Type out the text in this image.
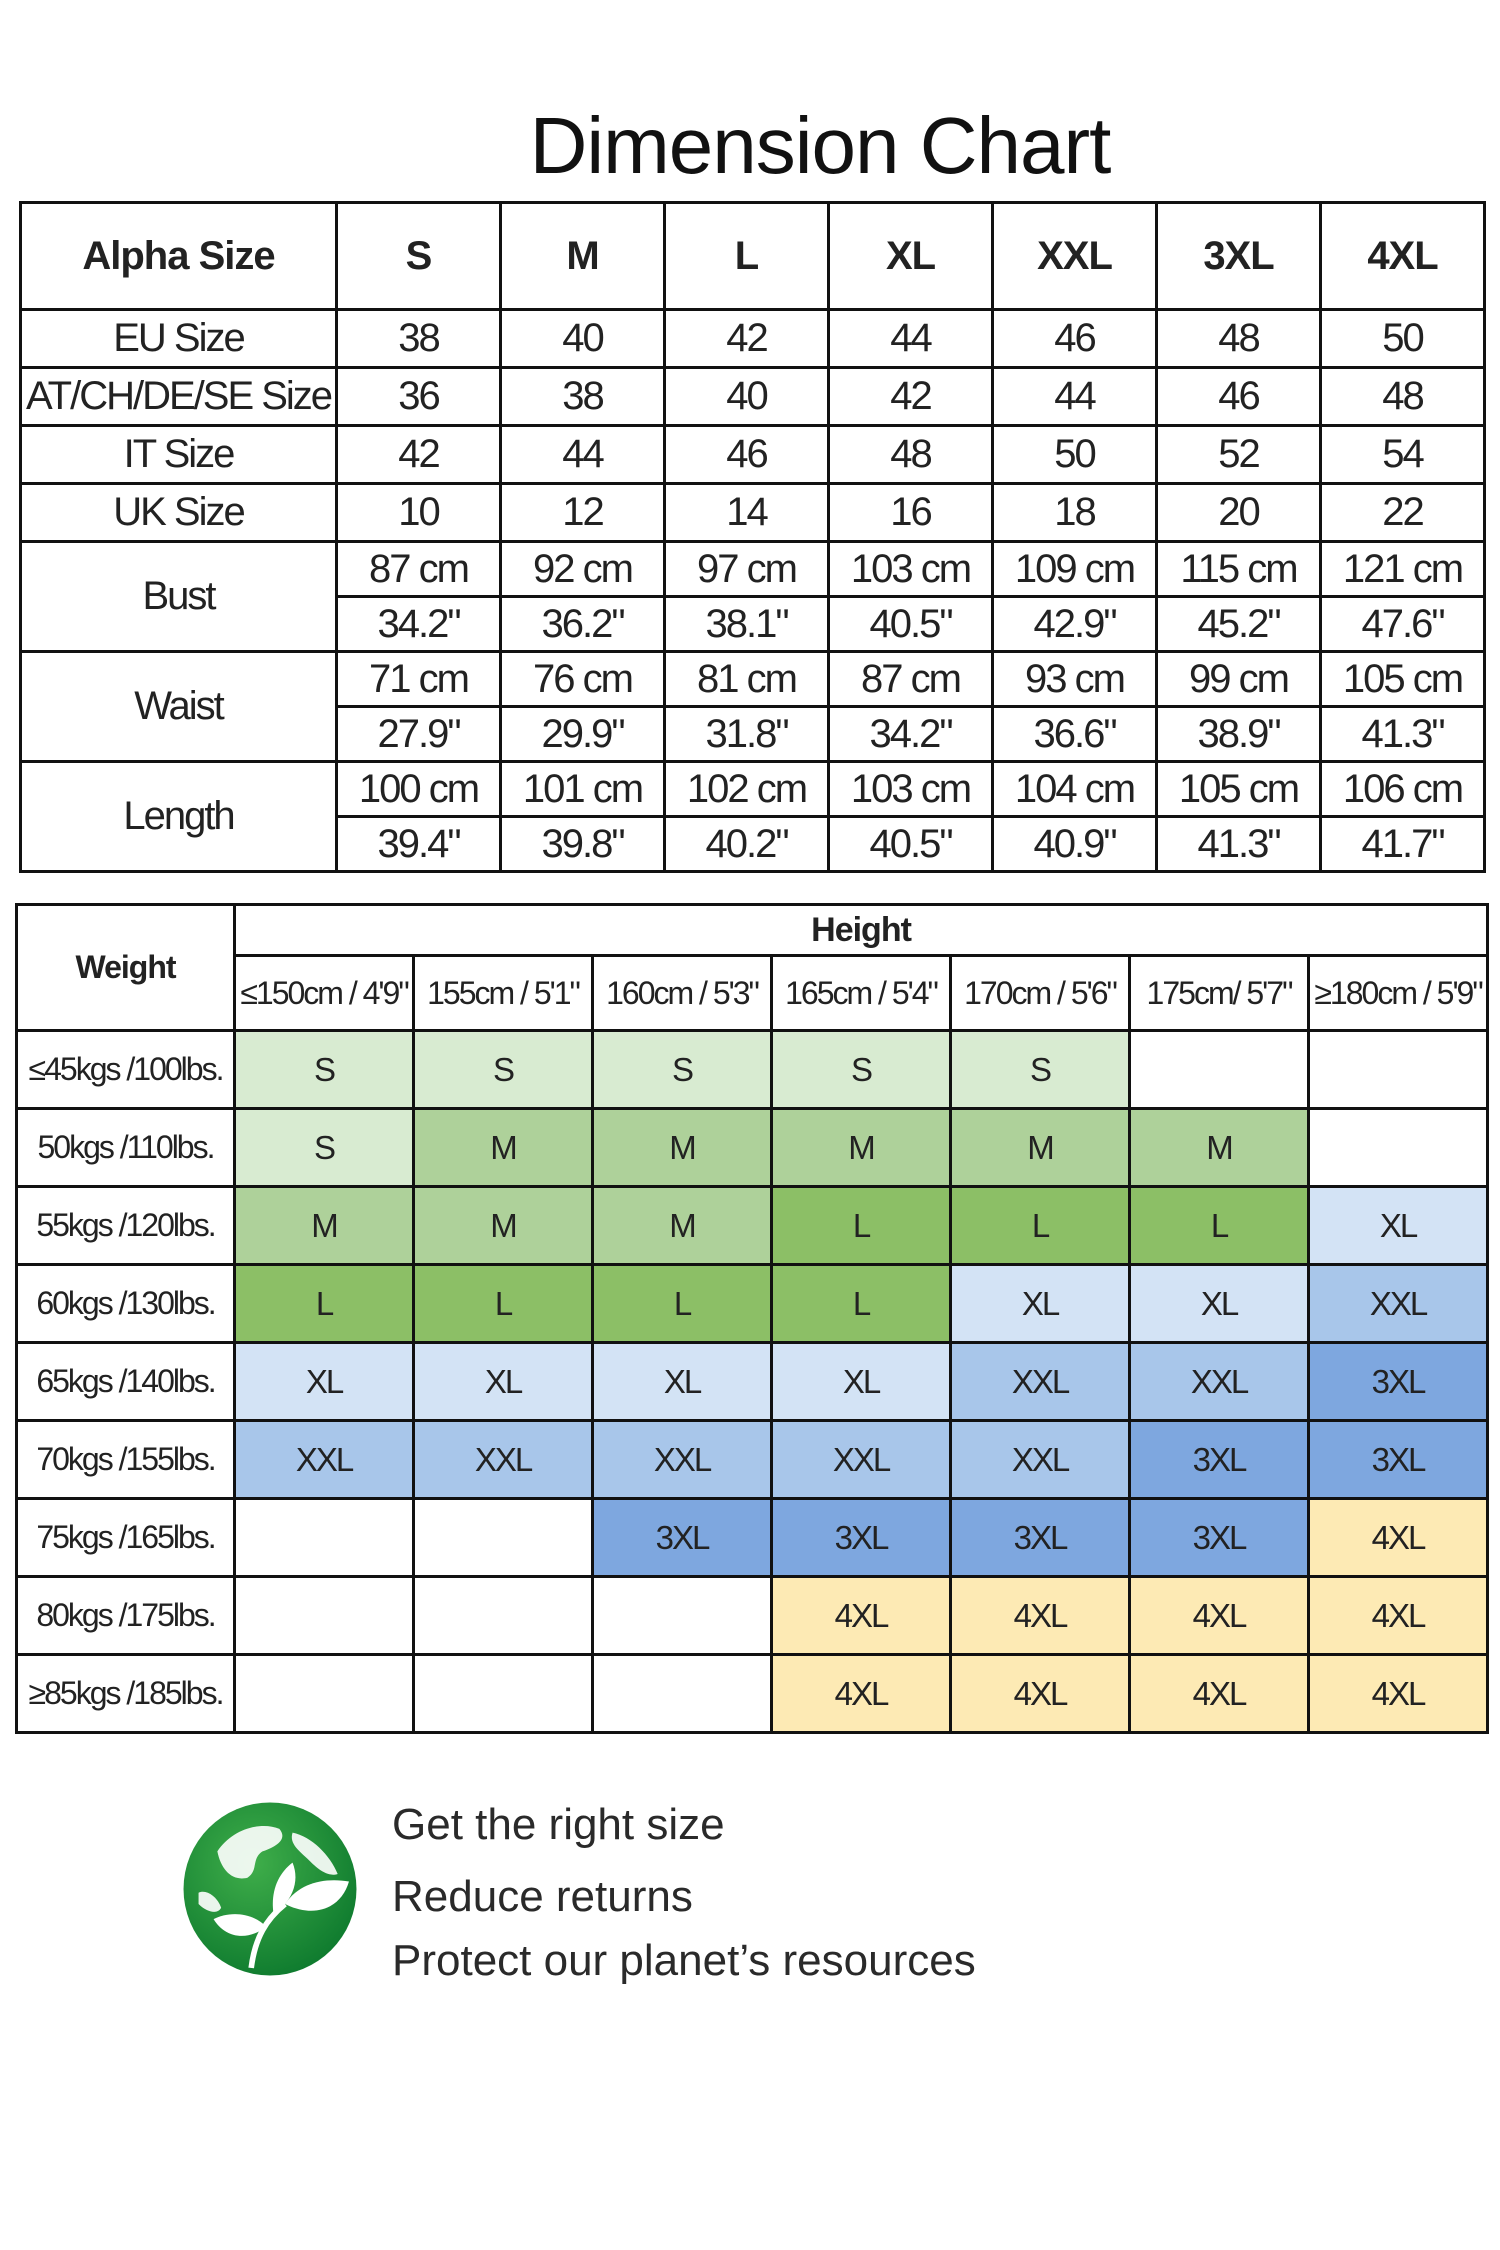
Dimension Chart
Alpha Size	S	M	L	XL	XXL	3XL	4XL
EU Size	38	40	42	44	46	48	50
AT/CH/DE/SE Size	36	38	40	42	44	46	48
IT Size	42	44	46	48	50	52	54
UK Size	10	12	14	16	18	20	22
Bust	87 cm	92 cm	97 cm	103 cm	109 cm	115 cm	121 cm
	34.2"	36.2"	38.1"	40.5"	42.9"	45.2"	47.6"
Waist	71 cm	76 cm	81 cm	87 cm	93 cm	99 cm	105 cm
	27.9"	29.9"	31.8"	34.2"	36.6"	38.9"	41.3"
Length	100 cm	101 cm	102 cm	103 cm	104 cm	105 cm	106 cm
	39.4"	39.8"	40.2"	40.5"	40.9"	41.3"	41.7"
Weight	Height						
	≤150cm / 4'9"	155cm / 5'1"	160cm / 5'3"	165cm / 5'4"	170cm / 5'6"	175cm/ 5'7"	≥180cm / 5'9"
≤45kgs /100lbs.	S	S	S	S	S		
50kgs /110lbs.	S	M	M	M	M	M	
55kgs /120lbs.	M	M	M	L	L	L	XL
60kgs /130lbs.	L	L	L	L	XL	XL	XXL
65kgs /140lbs.	XL	XL	XL	XL	XXL	XXL	3XL
70kgs /155lbs.	XXL	XXL	XXL	XXL	XXL	3XL	3XL
75kgs /165lbs.			3XL	3XL	3XL	3XL	4XL
80kgs /175lbs.				4XL	4XL	4XL	4XL
≥85kgs /185lbs.				4XL	4XL	4XL	4XL
Get the right size
Reduce returns
Protect our planet’s resources
